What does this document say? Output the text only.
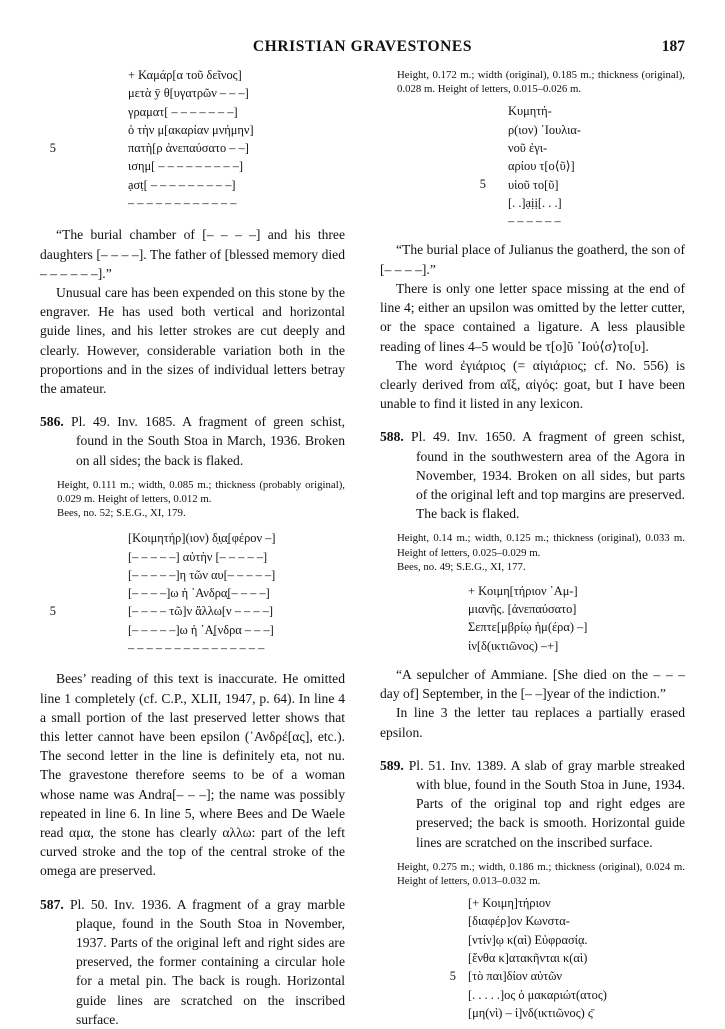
CHRISTIAN GRAVESTONES	187
5
+ Καμάρ[α τοῦ δεῖνος]
μετὰ ȳ θ[υγατρῶν – – –]
γραματ[ – – – – – – –]
ὁ τὴν μ[ακαρίαν μνήμην]
πατὴ[ρ ἀνεπαύσατο – –]
ισημ[ – – – – – – – – –]
ạσṭ[ – – – – – – – – –]
– – – – – – – – – – – –

“The burial chamber of [– – – –] and his three daughters [– – – –]. The father of [blessed memory died – – – – – –].”

Unusual care has been expended on this stone by the engraver. He has used both vertical and horizontal guide lines, and his letter strokes are cut deeply and clearly. However, considerable variation both in the proportions and in the sizes of individual letters betray the amateur.

586. Pl. 49. Inv. 1685. A fragment of green schist, found in the South Stoa in March, 1936. Broken on all sides; the back is flaked.

Height, 0.111 m.; width, 0.085 m.; thickness (probably original), 0.029 m. Height of letters, 0.012 m.
Bees, no. 52; S.E.G., XI, 179.
5
[Κοιμητήρ](ιον) δ̣ι̣α̣[φέρον –]
[– – – – –] αὐτὴν [– – – – –]
[– – – – –]η τῶν αυ[– – – – –]
[– – – –]ω ἡ ᾿Ανδρα̣[– – – –]
[– – – – τῶ]ν ἄλλω[ν – – – –]
[– – – – –]ω ἡ ᾿Α̣[νδρα – – –]
– – – – – – – – – – – – – – –

Bees’ reading of this text is inaccurate. He omitted line 1 completely (cf. C.P., XLII, 1947, p. 64). In line 4 a small portion of the last preserved letter shows that this letter cannot have been epsilon (᾿Ανδρέ[ας], etc.). The second letter in the line is definitely eta, not nu. The gravestone therefore seems to be of a woman whose name was Andra[– – –]; the name was possibly repeated in line 6. In line 5, where Bees and De Waele read αμα, the stone has clearly αλλω: part of the left curved stroke and the top of the central stroke of the omega are preserved.

587. Pl. 50. Inv. 1936. A fragment of a gray marble plaque, found in the South Stoa in November, 1937. Parts of the original left and right sides are preserved, the former containing a circular hole for a metal pin. The back is rough. Horizontal guide lines are scratched on the inscribed surface.

Height, 0.172 m.; width (original), 0.185 m.; thickness (original), 0.028 m. Height of letters, 0.015–0.026 m.
5
Κυμητή-
ρ(ιον) ᾿Ιουλια-
νοῦ ἐγι-
αρίου τ[ο⟨ῦ⟩]
υἱοῦ το[ῦ]
[. .]ạịị[. . .]
– – – – – –

“The burial place of Julianus the goatherd, the son of [– – – –].”

There is only one letter space missing at the end of line 4; either an upsilon was omitted by the letter cutter, or the space contained a ligature. A less plausible reading of lines 4–5 would be τ[ο]ῦ ᾿Ιού⟨σ⟩το[υ].

The word ἐγιάριος (= αἰγιάριος; cf. No. 556) is clearly derived from αἴξ, αἰγός: goat, but I have been unable to find it listed in any lexicon.

588. Pl. 49. Inv. 1650. A fragment of green schist, found in the southwestern area of the Agora in November, 1934. Broken on all sides, but parts of the original left and top margins are preserved. The back is flaked.

Height, 0.14 m.; width, 0.125 m.; thickness (original), 0.033 m. Height of letters, 0.025–0.029 m.
Bees, no. 49; S.E.G., XI, 177.
+ Κοιμη[τήριον ᾿Αμ-]
μιανῆς. [ἀνεπαύσατο]
Σεπτε[μβρίῳ ἡμ(έρα) –]
ἰν[δ(ικτιῶνος) –+]

“A sepulcher of Ammiane. [She died on the – – – day of] September, in the [– –]year of the indiction.”

In line 3 the letter tau replaces a partially erased epsilon.

589. Pl. 51. Inv. 1389. A slab of gray marble streaked with blue, found in the South Stoa in June, 1934. Parts of the original top and right edges are preserved; the back is smooth. Horizontal guide lines are scratched on the inscribed surface.

Height, 0.275 m.; width, 0.186 m.; thickness (original), 0.024 m. Height of letters, 0.013–0.032 m.
5
[+ Κοιμη]τήριον
[διαφέρ]ον Κωνστα-
[ντίν]ῳ κ(αὶ) Εὐφρασίᾳ.
[ἔνθα κ]ατακῆνται κ(αὶ)
[τὸ παι]δίον αὐτῶν
[. . . . .]ος ὁ μακαριώτ(ατος)
[μη(νὶ) – ἰ]νδ(ικτιῶνος) ς̄
